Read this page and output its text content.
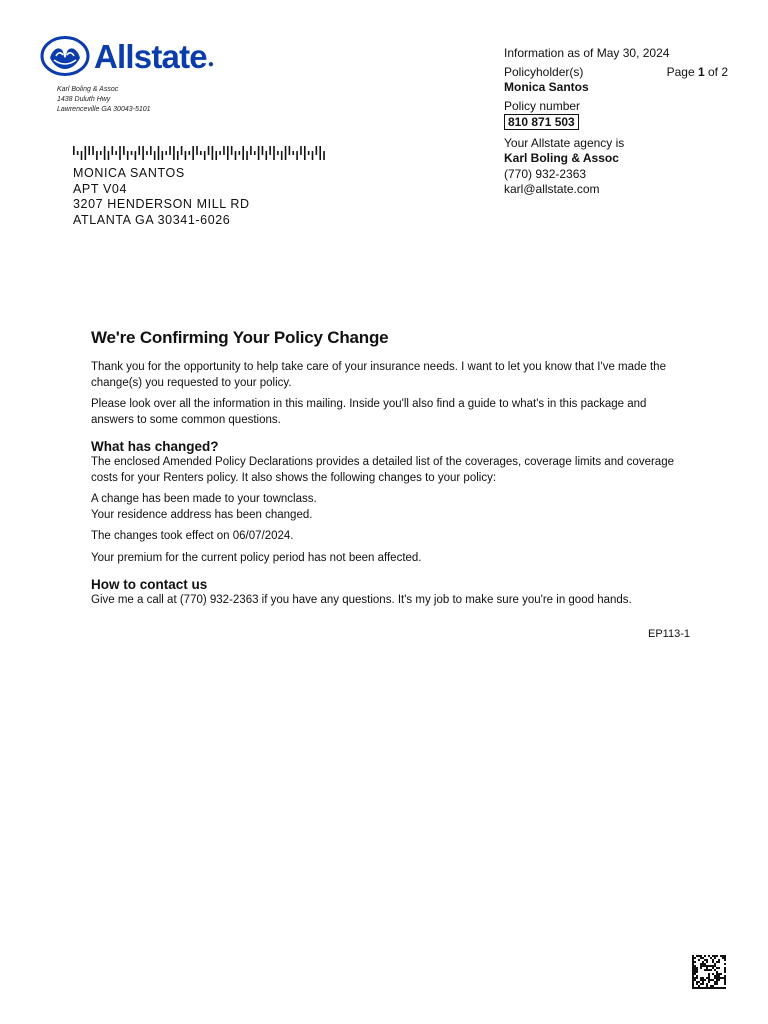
Allstate ●
Karl Boling & Assoc
1438 Duluth Hwy
Lawrenceville GA 30043-5101
MONICA SANTOS
APT V04
3207 HENDERSON MILL RD
ATLANTA GA 30341-6026
Information as of May 30, 2024
Policyholder(s)	Page 1 of 2
Monica Santos
Policy number
810 871 503
Your Allstate agency is
Karl Boling & Assoc
(770) 932-2363
karl@allstate.com
We're Confirming Your Policy Change

Thank you for the opportunity to help take care of your insurance needs. I want to let you know that I've made the change(s) you requested to your policy.

Please look over all the information in this mailing. Inside you'll also find a guide to what's in this package and answers to some common questions.

What has changed?

The enclosed Amended Policy Declarations provides a detailed list of the coverages, coverage limits and coverage costs for your Renters policy. It also shows the following changes to your policy:

A change has been made to your townclass.
Your residence address has been changed.

The changes took effect on 06/07/2024.

Your premium for the current policy period has not been affected.

How to contact us

Give me a call at (770) 932-2363 if you have any questions. It's my job to make sure you're in good hands.

EP113-1
